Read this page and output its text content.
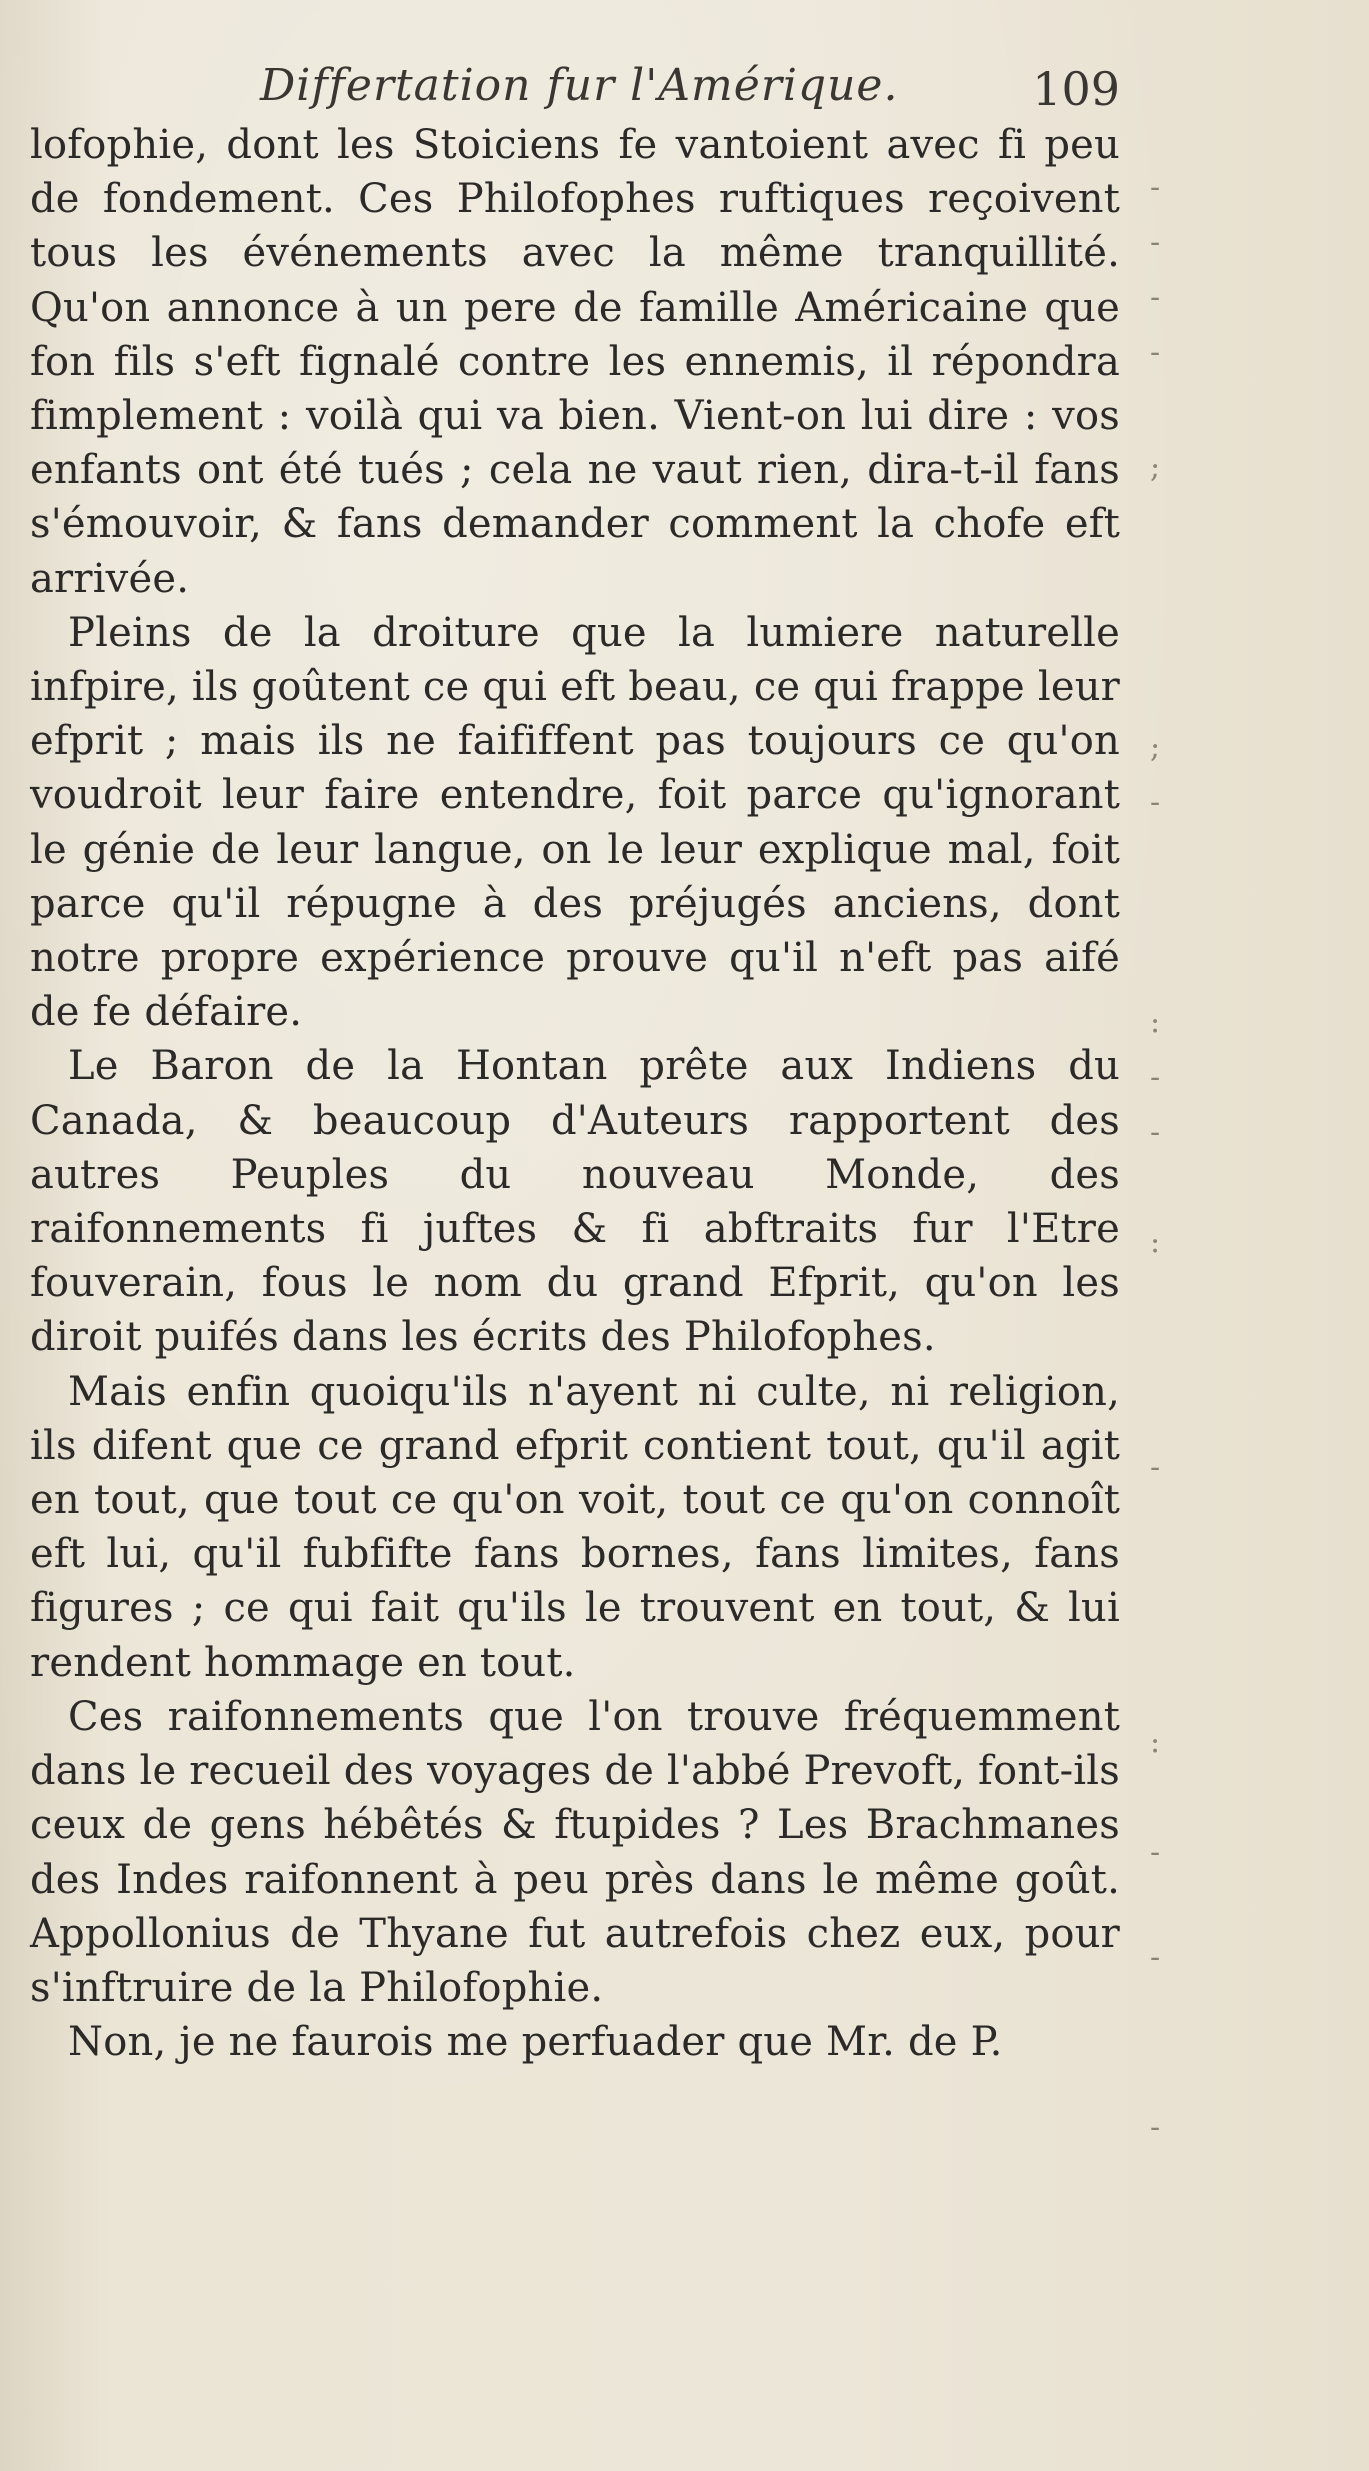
Differtation fur l'Amérique.	109

lofophie, dont les Stoiciens fe vantoient avec fi peu de fondement. Ces Philofophes ruftiques reçoivent tous les événements avec la même tranquillité. Qu'on annonce à un pere de famille Américaine que fon fils s'eft fignalé contre les ennemis, il répondra fimplement : voilà qui va bien. Vient-on lui dire : vos enfants ont été tués ; cela ne vaut rien, dira-t-il fans s'émouvoir, & fans demander comment la chofe eft arrivée.

Pleins de la droiture que la lumiere naturelle infpire, ils goûtent ce qui eft beau, ce qui frappe leur efprit ; mais ils ne faififfent pas toujours ce qu'on voudroit leur faire entendre, foit parce qu'ignorant le génie de leur langue, on le leur explique mal, foit parce qu'il répugne à des préjugés anciens, dont notre propre expérience prouve qu'il n'eft pas aifé de fe défaire.

Le Baron de la Hontan prête aux Indiens du Canada, & beaucoup d'Auteurs rapportent des autres Peuples du nouveau Monde, des raifonnements fi juftes & fi abftraits fur l'Etre fouverain, fous le nom du grand Efprit, qu'on les diroit puifés dans les écrits des Philofophes.

Mais enfin quoiqu'ils n'ayent ni culte, ni religion, ils difent que ce grand efprit contient tout, qu'il agit en tout, que tout ce qu'on voit, tout ce qu'on connoît eft lui, qu'il fubfifte fans bornes, fans limites, fans figures ; ce qui fait qu'ils le trouvent en tout, & lui rendent hommage en tout.

Ces raifonnements que l'on trouve fréquemment dans le recueil des voyages de l'abbé Prevoft, font-ils ceux de gens hébêtés & ftupides ? Les Brachmanes des Indes raifonnent à peu près dans le même goût. Appollonius de Thyane fut autrefois chez eux, pour s'inftruire de la Philofophie.

Non, je ne faurois me perfuader que Mr. de P.

-
-
-
-
;
;
-
:
-
-
:
-
:
-
-
-
